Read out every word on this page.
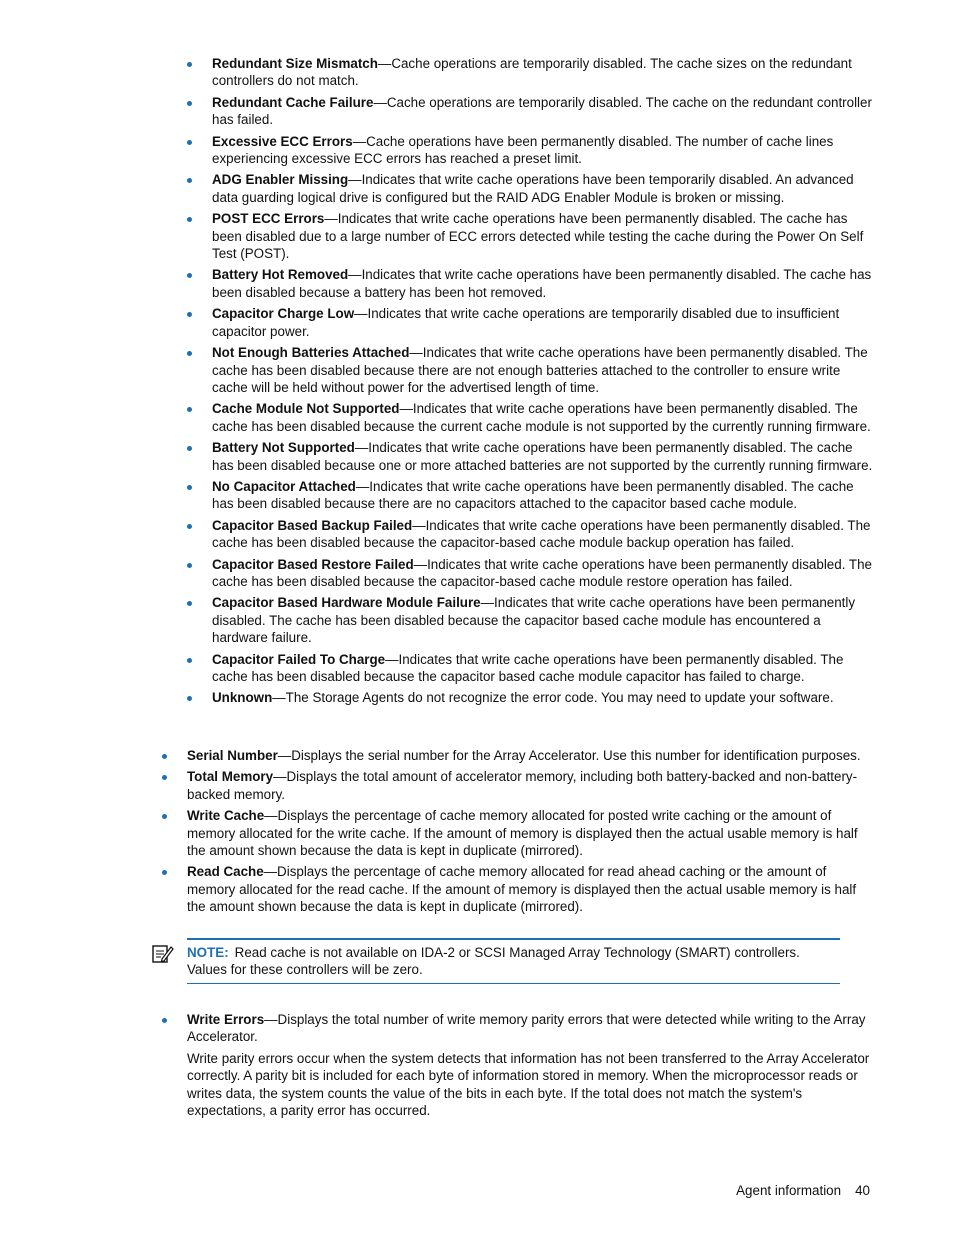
Redundant Size Mismatch—Cache operations are temporarily disabled. The cache sizes on the redundant controllers do not match.
Redundant Cache Failure—Cache operations are temporarily disabled. The cache on the redundant controller has failed.
Excessive ECC Errors—Cache operations have been permanently disabled. The number of cache lines experiencing excessive ECC errors has reached a preset limit.
ADG Enabler Missing—Indicates that write cache operations have been temporarily disabled. An advanced data guarding logical drive is configured but the RAID ADG Enabler Module is broken or missing.
POST ECC Errors—Indicates that write cache operations have been permanently disabled. The cache has been disabled due to a large number of ECC errors detected while testing the cache during the Power On Self Test (POST).
Battery Hot Removed—Indicates that write cache operations have been permanently disabled. The cache has been disabled because a battery has been hot removed.
Capacitor Charge Low—Indicates that write cache operations are temporarily disabled due to insufficient capacitor power.
Not Enough Batteries Attached—Indicates that write cache operations have been permanently disabled. The cache has been disabled because there are not enough batteries attached to the controller to ensure write cache will be held without power for the advertised length of time.
Cache Module Not Supported—Indicates that write cache operations have been permanently disabled. The cache has been disabled because the current cache module is not supported by the currently running firmware.
Battery Not Supported—Indicates that write cache operations have been permanently disabled. The cache has been disabled because one or more attached batteries are not supported by the currently running firmware.
No Capacitor Attached—Indicates that write cache operations have been permanently disabled. The cache has been disabled because there are no capacitors attached to the capacitor based cache module.
Capacitor Based Backup Failed—Indicates that write cache operations have been permanently disabled. The cache has been disabled because the capacitor-based cache module backup operation has failed.
Capacitor Based Restore Failed—Indicates that write cache operations have been permanently disabled. The cache has been disabled because the capacitor-based cache module restore operation has failed.
Capacitor Based Hardware Module Failure—Indicates that write cache operations have been permanently disabled. The cache has been disabled because the capacitor based cache module has encountered a hardware failure.
Capacitor Failed To Charge—Indicates that write cache operations have been permanently disabled. The cache has been disabled because the capacitor based cache module capacitor has failed to charge.
Unknown—The Storage Agents do not recognize the error code. You may need to update your software.
Serial Number—Displays the serial number for the Array Accelerator. Use this number for identification purposes.
Total Memory—Displays the total amount of accelerator memory, including both battery-backed and non-battery-backed memory.
Write Cache—Displays the percentage of cache memory allocated for posted write caching or the amount of memory allocated for the write cache. If the amount of memory is displayed then the actual usable memory is half the amount shown because the data is kept in duplicate (mirrored).
Read Cache—Displays the percentage of cache memory allocated for read ahead caching or the amount of memory allocated for the read cache. If the amount of memory is displayed then the actual usable memory is half the amount shown because the data is kept in duplicate (mirrored).
NOTE: Read cache is not available on IDA-2 or SCSI Managed Array Technology (SMART) controllers. Values for these controllers will be zero.
Write Errors—Displays the total number of write memory parity errors that were detected while writing to the Array Accelerator.
Write parity errors occur when the system detects that information has not been transferred to the Array Accelerator correctly. A parity bit is included for each byte of information stored in memory. When the microprocessor reads or writes data, the system counts the value of the bits in each byte. If the total does not match the system's expectations, a parity error has occurred.
Agent information 40
